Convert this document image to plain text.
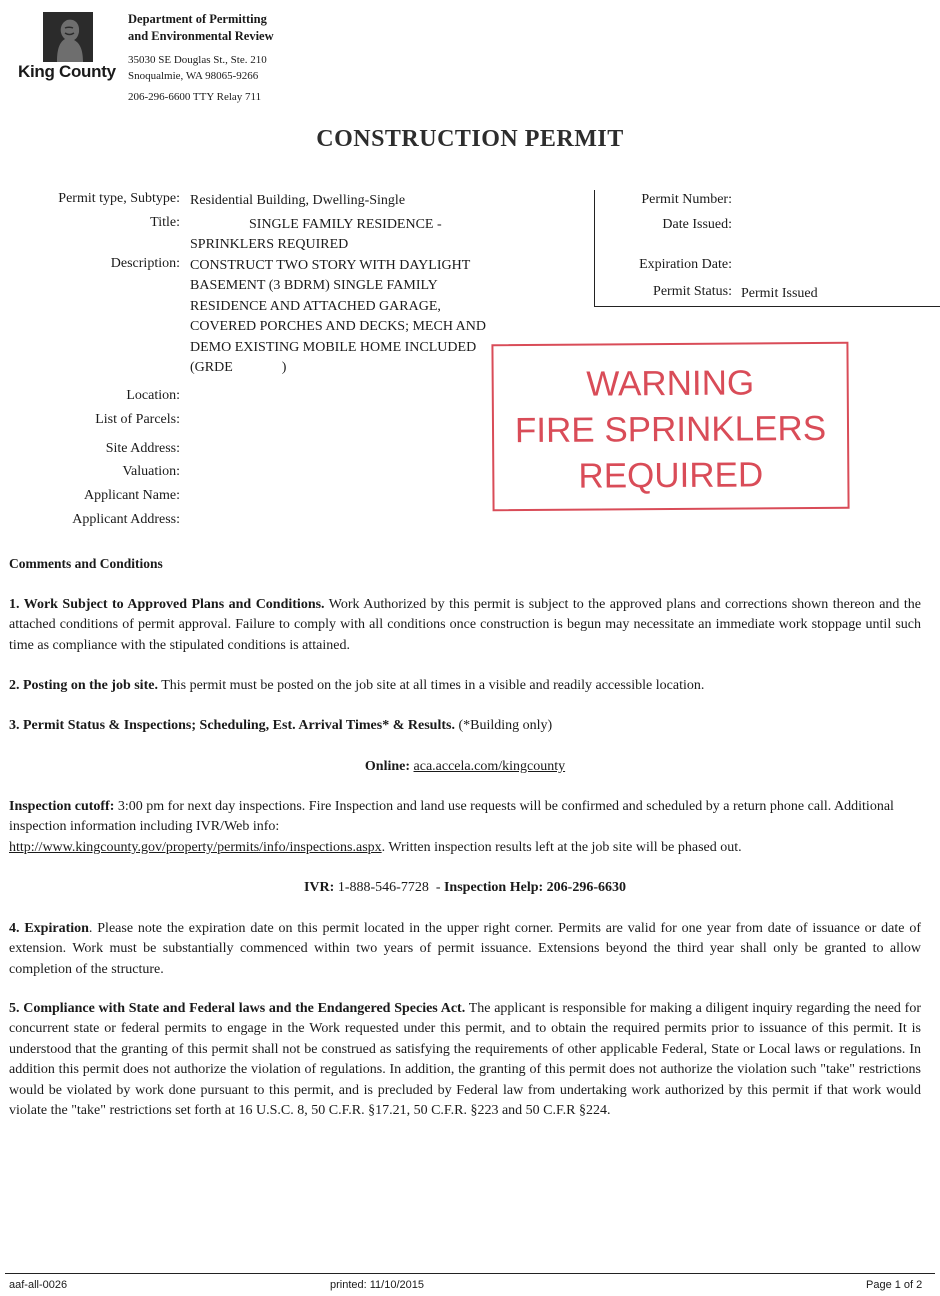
King County
Department of Permitting
and Environmental Review
35030 SE Douglas St., Ste. 210
Snoqualmie, WA 98065-9266
206-296-6600 TTY Relay 711
CONSTRUCTION PERMIT
Permit type, Subtype: Residential Building, Dwelling-Single
Title:	SINGLE FAMILY RESIDENCE -
SPRINKLERS REQUIRED
Description: CONSTRUCT TWO STORY WITH DAYLIGHT
BASEMENT (3 BDRM) SINGLE FAMILY
RESIDENCE AND ATTACHED GARAGE,
COVERED PORCHES AND DECKS; MECH AND
DEMO EXISTING MOBILE HOME INCLUDED
(GRDE              )
Location:
List of Parcels:
Site Address:
Valuation:
Applicant Name:
Applicant Address:
Permit Number:
Date Issued:
Expiration Date:
Permit Status: Permit Issued
WARNING
FIRE SPRINKLERS
REQUIRED
Comments and Conditions
1. Work Subject to Approved Plans and Conditions. Work Authorized by this permit is subject to the approved plans and corrections shown thereon and the attached conditions of permit approval. Failure to comply with all conditions once construction is begun may necessitate an immediate work stoppage until such time as compliance with the stipulated conditions is attained.
2. Posting on the job site. This permit must be posted on the job site at all times in a visible and readily accessible location.
3. Permit Status & Inspections; Scheduling, Est. Arrival Times* & Results. (*Building only)
Online: aca.accela.com/kingcounty
Inspection cutoff: 3:00 pm for next day inspections. Fire Inspection and land use requests will be confirmed and scheduled by a return phone call. Additional inspection information including IVR/Web info:
http://www.kingcounty.gov/property/permits/info/inspections.aspx. Written inspection results left at the job site will be phased out.
IVR: 1-888-546-7728  - Inspection Help: 206-296-6630
4. Expiration. Please note the expiration date on this permit located in the upper right corner. Permits are valid for one year from date of issuance or date of extension. Work must be substantially commenced within two years of permit issuance. Extensions beyond the third year shall only be granted to allow completion of the structure.
5. Compliance with State and Federal laws and the Endangered Species Act. The applicant is responsible for making a diligent inquiry regarding the need for concurrent state or federal permits to engage in the Work requested under this permit, and to obtain the required permits prior to issuance of this permit. It is understood that the granting of this permit shall not be construed as satisfying the requirements of other applicable Federal, State or Local laws or regulations. In addition this permit does not authorize the violation of regulations. In addition, the granting of this permit does not authorize the violation such "take" restrictions would be violated by work done pursuant to this permit, and is precluded by Federal law from undertaking work authorized by this permit if that work would violate the "take" restrictions set forth at 16 U.S.C. 8, 50 C.F.R. §17.21, 50 C.F.R. §223 and 50 C.F.R §224.
aaf-all-0026	printed: 11/10/2015	Page 1 of 2
